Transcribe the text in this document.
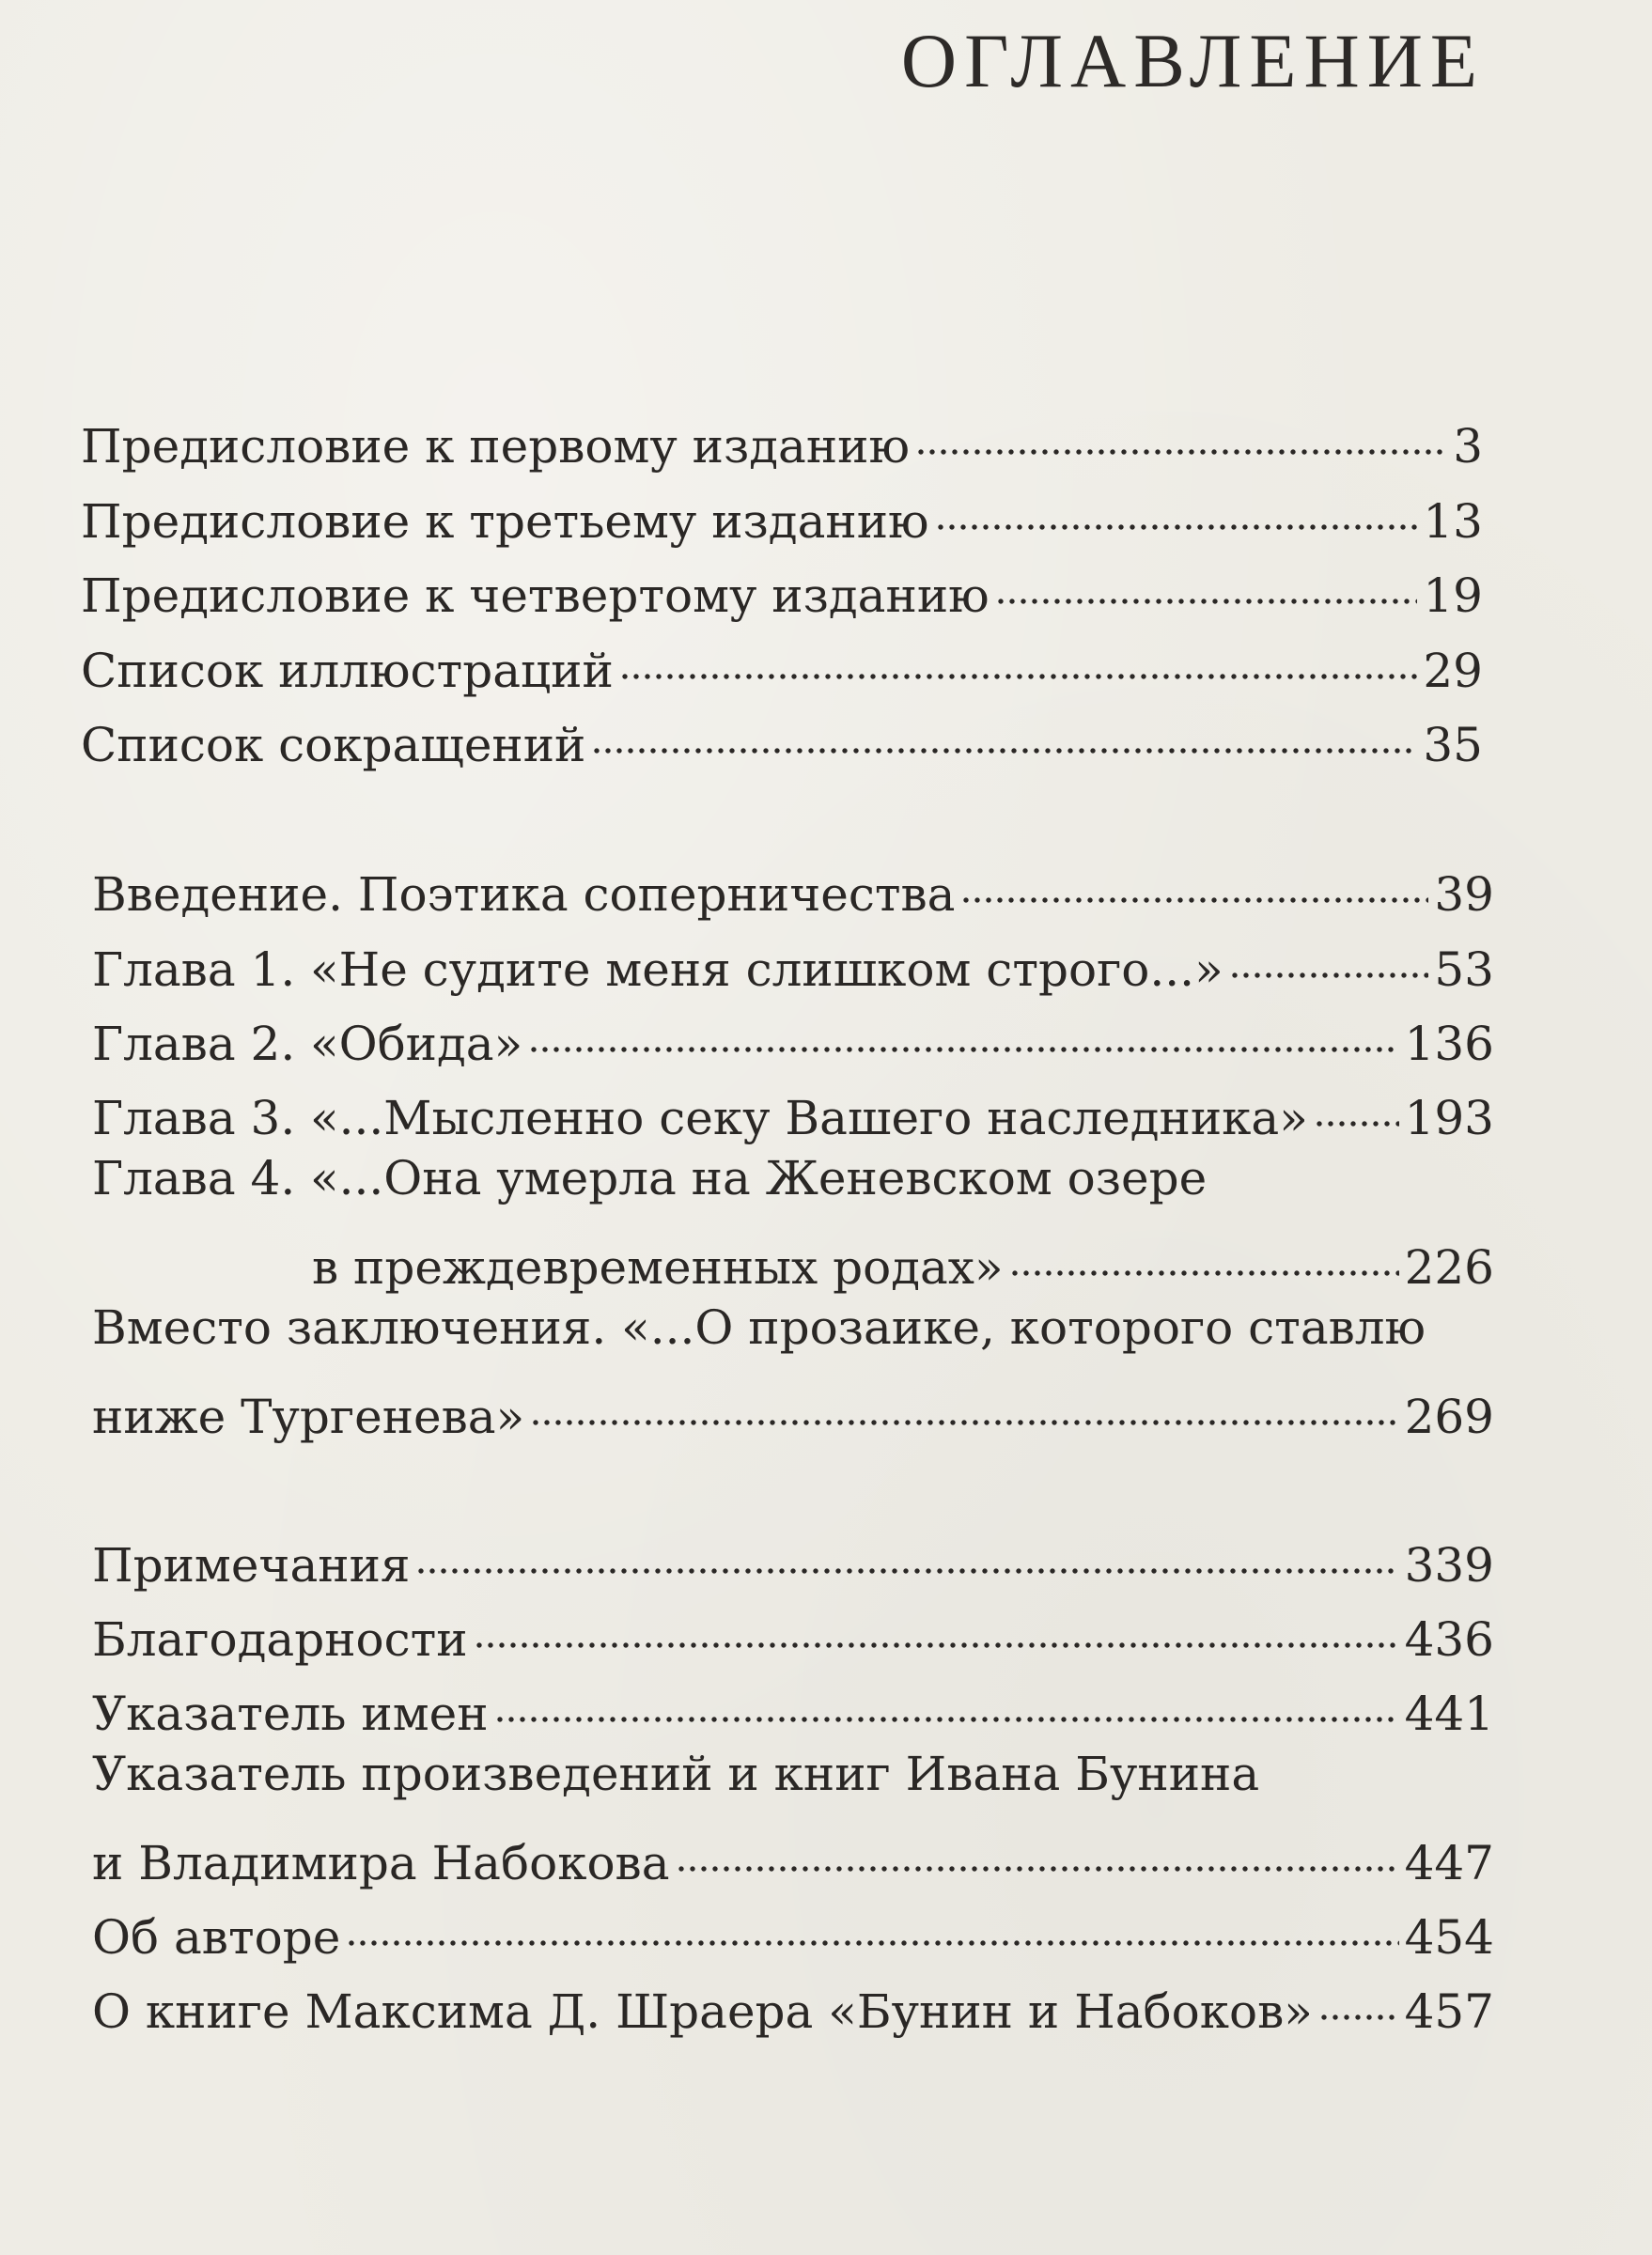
ОГЛАВЛЕНИЕ
Предисловие к первому изданию	3
Предисловие к третьему изданию	13
Предисловие к четвертому изданию	19
Список иллюстраций	29
Список сокращений	35
Введение. Поэтика соперничества	39
Глава 1. «Не судите меня слишком строго...»	53
Глава 2. «Обида»	136
Глава 3. «...Мысленно секу Вашего наследника» 193
Глава 4. «...Она умерла на Женевском озере
в преждевременных родах»	226
Вместо заключения. «...О прозаике, которого ставлю
ниже Тургенева»	269
Примечания	339
Благодарности	436
Указатель имен	441
Указатель произведений и книг Ивана Бунина
и Владимира Набокова	447
Об авторе	454
О книге Максима Д. Шраера «Бунин и Набоков» 457
